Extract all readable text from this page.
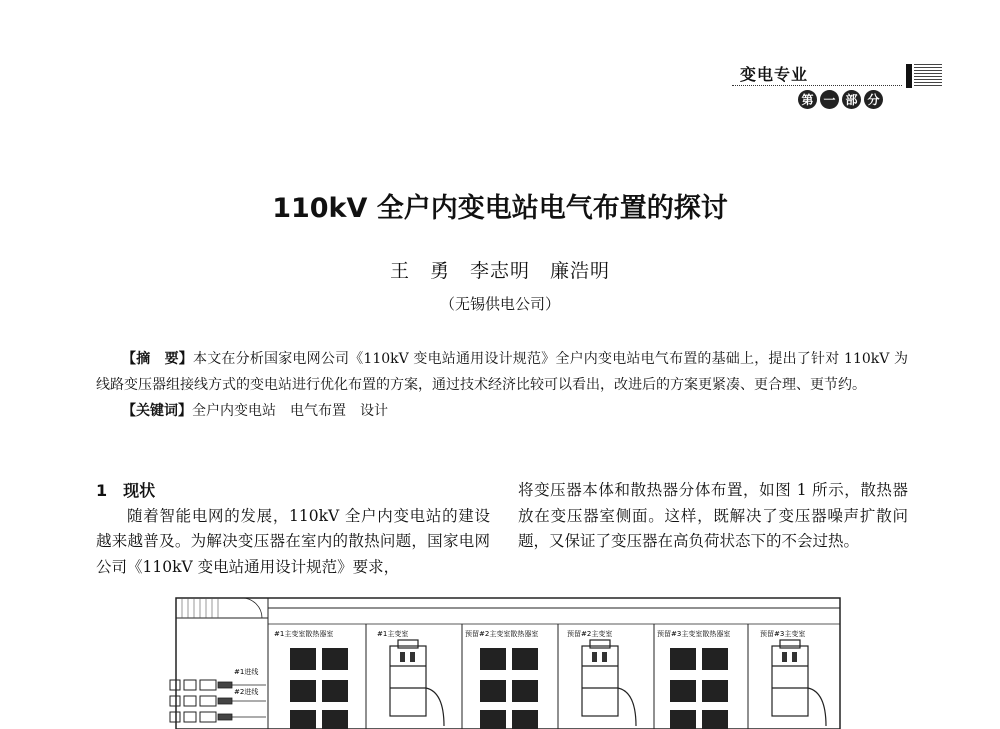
变电专业
第 一 部 分
110kV 全户内变电站电气布置的探讨
王　勇　李志明　廉浩明
（无锡供电公司）

【摘　要】本文在分析国家电网公司《110kV 变电站通用设计规范》全户内变电站电气布置的基础上，提出了针对 110kV 为线路变压器组接线方式的变电站进行优化布置的方案，通过技术经济比较可以看出，改进后的方案更紧凑、更合理、更节约。

【关键词】全户内变电站 电气布置 设计

1　现状

随着智能电网的发展，110kV 全户内变电站的建设越来越普及。为解决变压器在室内的散热问题，国家电网公司《110kV 变电站通用设计规范》要求，

将变压器本体和散热器分体布置，如图 1 所示，散热器放在变压器室侧面。这样，既解决了变压器噪声扩散问题，又保证了变压器在高负荷状态下的不会过热。

#1主变室散热器室	#1主变室	预留#2主变室散热器室	预留#2主变室	预留#3主变室散热器室	预留#3主变室
#1进线
#2进线
